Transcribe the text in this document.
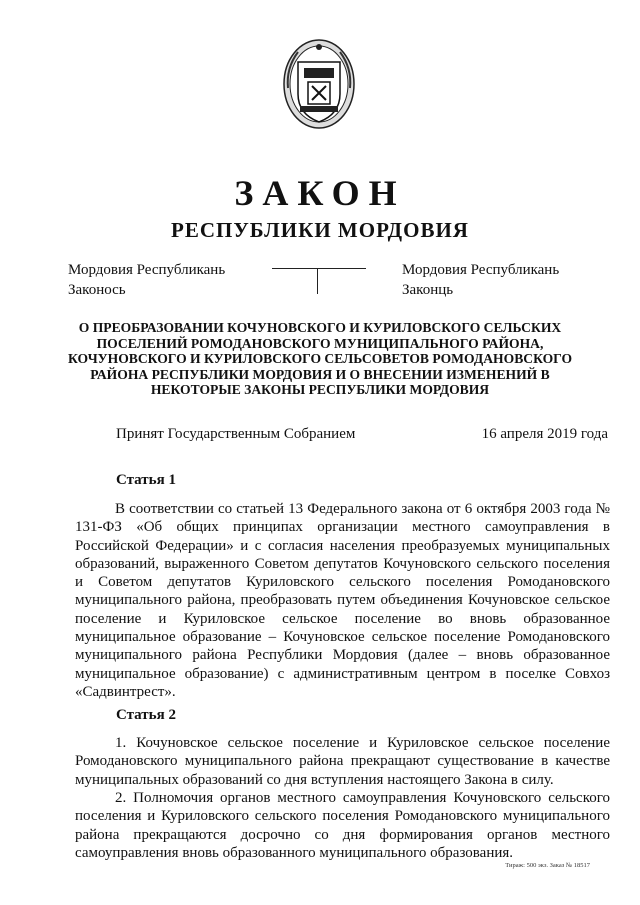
ЗАКОН
РЕСПУБЛИКИ МОРДОВИЯ
Мордовия Республикань
Законось
Мордовия Республикань
Законць
О ПРЕОБРАЗОВАНИИ КОЧУНОВСКОГО И КУРИЛОВСКОГО СЕЛЬСКИХ ПОСЕЛЕНИЙ РОМОДАНОВСКОГО МУНИЦИПАЛЬНОГО РАЙОНА, КОЧУНОВСКОГО И КУРИЛОВСКОГО СЕЛЬСОВЕТОВ РОМОДАНОВСКОГО РАЙОНА РЕСПУБЛИКИ МОРДОВИЯ И О ВНЕСЕНИИ ИЗМЕНЕНИЙ В НЕКОТОРЫЕ ЗАКОНЫ РЕСПУБЛИКИ МОРДОВИЯ
Принят Государственным Собранием	16 апреля 2019 года
Статья 1
В соответствии со статьей 13 Федерального закона от 6 октября 2003 года № 131-ФЗ «Об общих принципах организации местного самоуправления в Российской Федерации» и с согласия населения преобразуемых муниципальных образований, выраженного Советом депутатов Кочуновского сельского поселения и Советом депутатов Куриловского сельского поселения Ромодановского муниципального района, преобразовать путем объединения Кочуновское сельское поселение и Куриловское сельское поселение во вновь образованное муниципальное образование – Кочуновское сельское поселение Ромодановского муниципального района Республики Мордовия (далее – вновь образованное муниципальное образование) с административным центром в поселке Совхоз «Садвинтрест».
Статья 2
1. Кочуновское сельское поселение и Куриловское сельское поселение Ромодановского муниципального района прекращают существование в качестве муниципальных образований со дня вступления настоящего Закона в силу.
2. Полномочия органов местного самоуправления Кочуновского сельского поселения и Куриловского сельского поселения Ромодановского муниципального района прекращаются досрочно со дня формирования органов местного самоуправления вновь образованного муниципального образования.
Тираж: 500 экз. Заказ № 18517
